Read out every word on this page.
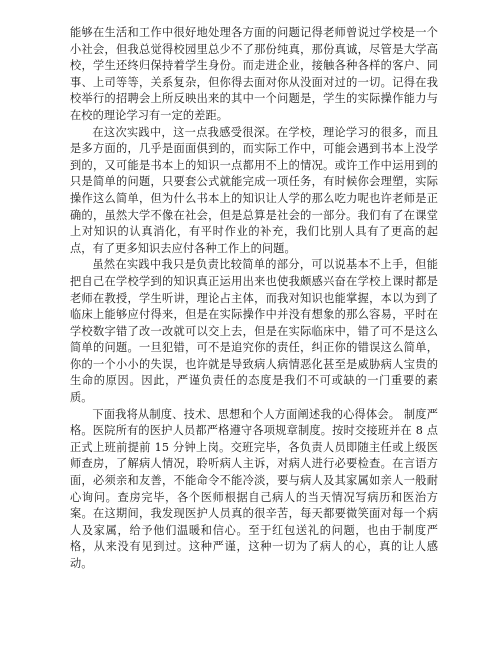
能够在生活和工作中很好地处理各方面的问题记得老师曾说过学校是一个小社会，但我总觉得校园里总少不了那份纯真，那份真诚，尽管是大学高校，学生还终归保持着学生身份。而走进企业，接触各种各样的客户、同事、上司等等，关系复杂，但你得去面对你从没面对过的一切。记得在我校举行的招聘会上所反映出来的其中一个问题是，学生的实际操作能力与在校的理论学习有一定的差距。

在这次实践中，这一点我感受很深。在学校，理论学习的很多，而且是多方面的，几乎是面面俱到的，而实际工作中，可能会遇到书本上没学到的，又可能是书本上的知识一点都用不上的情况。或许工作中运用到的只是简单的问题，只要套公式就能完成一项任务，有时候你会理塑，实际操作这么简单，但为什么书本上的知识让人学的那么吃力呢也许老师是正确的，虽然大学不像在社会，但是总算是社会的一部分。我们有了在课堂上对知识的认真消化，有平时作业的补充，我们比别人具有了更高的起点，有了更多知识去应付各种工作上的问题。

虽然在实践中我只是负责比较简单的部分，可以说基本不上手，但能把自己在学校学到的知识真正运用出来也使我颇感兴奋在学校上课时都是老师在教授，学生听讲，理论占主体，而我对知识也能掌握，本以为到了临床上能够应付得来，但是在实际操作中并没有想象的那么容易，平时在学校数字错了改一改就可以交上去，但是在实际临床中，错了可不是这么简单的问题。一旦犯错，可不是追究你的责任，纠正你的错误这么简单，你的一个小小的失误，也许就是导致病人病情恶化甚至是威胁病人宝贵的生命的原因。因此，严谨负责任的态度是我们不可或缺的一门重要的素质。

下面我将从制度、技术、思想和个人方面阐述我的心得体会。 制度严格。医院所有的医护人员都严格遵守各项规章制度。按时交接班并在 8 点正式上班前提前 15 分钟上岗。交班完毕，各负责人员即随主任或上级医师查房，了解病人情况，聆听病人主诉，对病人进行必要检查。在言语方面，必须亲和友善，不能命令不能冷淡，要与病人及其家属如亲人一般耐心询问。查房完毕，各个医师根据自己病人的当天情况写病历和医治方案。在这期间，我发现医护人员真的很辛苦，每天都要微笑面对每一个病人及家属，给予他们温暖和信心。至于红包送礼的问题，也由于制度严格，从来没有见到过。这种严谨，这种一切为了病人的心，真的让人感动。
